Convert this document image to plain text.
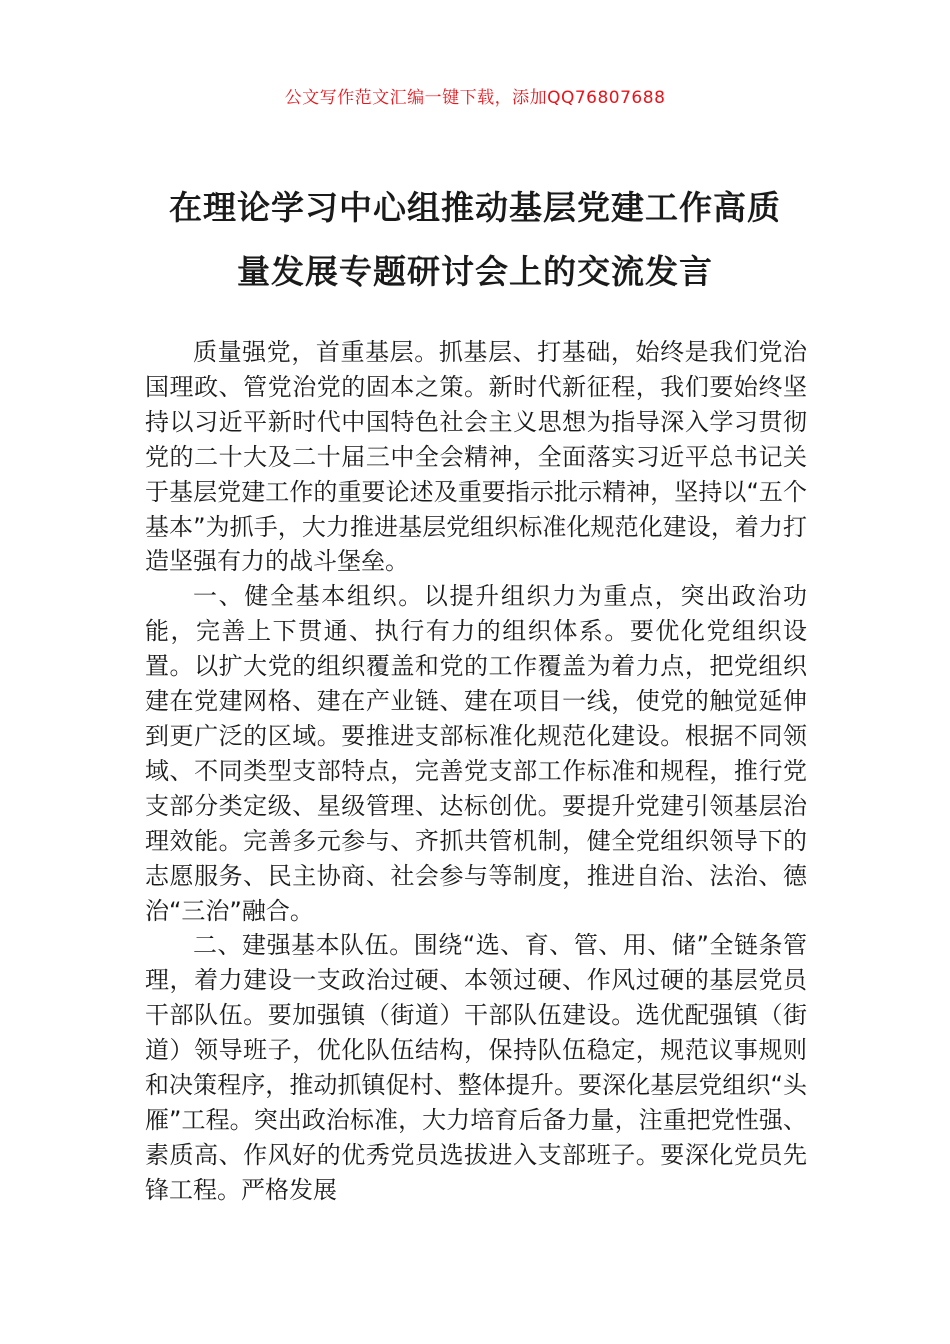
公文写作范文汇编一键下载，添加QQ76807688
在理论学习中心组推动基层党建工作高质
量发展专题研讨会上的交流发言

质量强党，首重基层。抓基层、打基础，始终是我们党治国理政、管党治党的固本之策。新时代新征程，我们要始终坚持以习近平新时代中国特色社会主义思想为指导深入学习贯彻党的二十大及二十届三中全会精神，全面落实习近平总书记关于基层党建工作的重要论述及重要指示批示精神，坚持以“五个基本”为抓手，大力推进基层党组织标准化规范化建设，着力打造坚强有力的战斗堡垒。

一、健全基本组织。以提升组织力为重点，突出政治功能，完善上下贯通、执行有力的组织体系。要优化党组织设置。以扩大党的组织覆盖和党的工作覆盖为着力点，把党组织建在党建网格、建在产业链、建在项目一线，使党的触觉延伸到更广泛的区域。要推进支部标准化规范化建设。根据不同领域、不同类型支部特点，完善党支部工作标准和规程，推行党支部分类定级、星级管理、达标创优。要提升党建引领基层治理效能。完善多元参与、齐抓共管机制，健全党组织领导下的志愿服务、民主协商、社会参与等制度，推进自治、法治、德治“三治”融合。

二、建强基本队伍。围绕“选、育、管、用、储”全链条管理，着力建设一支政治过硬、本领过硬、作风过硬的基层党员干部队伍。要加强镇（街道）干部队伍建设。选优配强镇（街道）领导班子，优化队伍结构，保持队伍稳定，规范议事规则和决策程序，推动抓镇促村、整体提升。要深化基层党组织“头雁”工程。突出政治标准，大力培育后备力量，注重把党性强、素质高、作风好的优秀党员选拔进入支部班子。要深化党员先锋工程。严格发展
